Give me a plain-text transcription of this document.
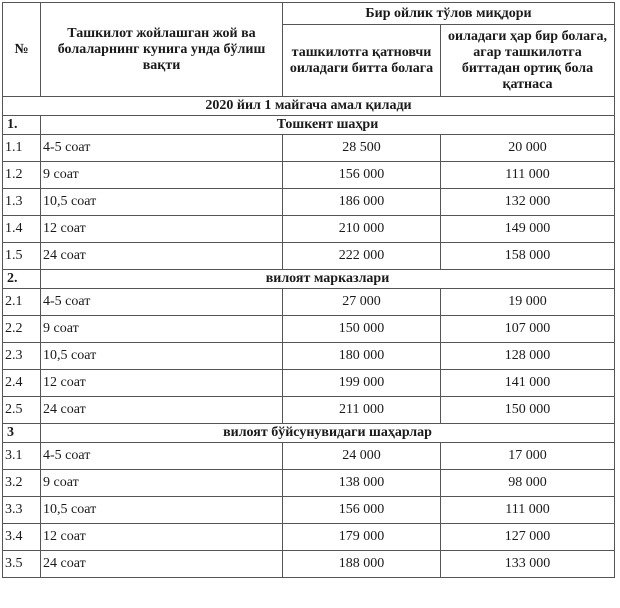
№	Ташкилот жойлашган жой ва болаларнинг кунига унда бўлиш вақти	Бир ойлик тўлов миқдори	
		ташкилотга қатновчи оиладаги битта болага	оиладаги ҳар бир болага, агар ташкилотга биттадан ортиқ бола қатнаса
2020 йил 1 майгача амал қилади			
1.	Тошкент шаҳри		
1.1	4-5 соат	28 500	20 000
1.2	9 соат	156 000	111 000
1.3	10,5 соат	186 000	132 000
1.4	12 соат	210 000	149 000
1.5	24 соат	222 000	158 000
2.	вилоят марказлари		
2.1	4-5 соат	27 000	19 000
2.2	9 соат	150 000	107 000
2.3	10,5 соат	180 000	128 000
2.4	12 соат	199 000	141 000
2.5	24 соат	211 000	150 000
3	вилоят бўйсунувидаги шаҳарлар		
3.1	4-5 соат	24 000	17 000
3.2	9 соат	138 000	98 000
3.3	10,5 соат	156 000	111 000
3.4	12 соат	179 000	127 000
3.5	24 соат	188 000	133 000
